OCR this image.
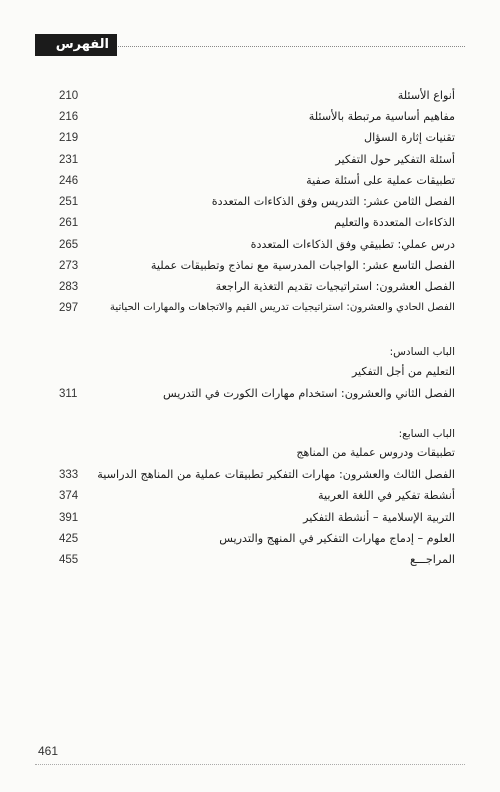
الفهرس
210	أنواع الأسئلة
216	مفاهيم أساسية مرتبطة بالأسئلة
219	تقنيات إثارة السؤال
231	أسئلة التفكير حول التفكير
246	تطبيقات عملية على أسئلة صفية
251	الفصل الثامن عشر: التدريس وفق الذكاءات المتعددة
261	الذكاءات المتعددة والتعليم
265	درس عملي: تطبيقي وفق الذكاءات المتعددة
273	الفصل التاسع عشر: الواجبات المدرسية مع نماذج وتطبيقات عملية
283	الفصل العشرون: استراتيجيات تقديم التغذية الراجعة
297	الفصل الحادي والعشرون: استراتيجيات تدريس القيم والاتجاهات والمهارات الحياتية
الباب السادس:
التعليم من أجل التفكير
311	الفصل الثاني والعشرون: استخدام مهارات الكورت في التدريس
الباب السابع:
تطبيقات ودروس عملية من المناهج
333 الفصل الثالث والعشرون: مهارات التفكير تطبيقات عملية من المناهج الدراسية
374	أنشطة تفكير في اللغة العربية
391	التربية الإسلامية – أنشطة التفكير
425	العلوم – إدماج مهارات التفكير في المنهج والتدريس
455	المراجـــع
461
